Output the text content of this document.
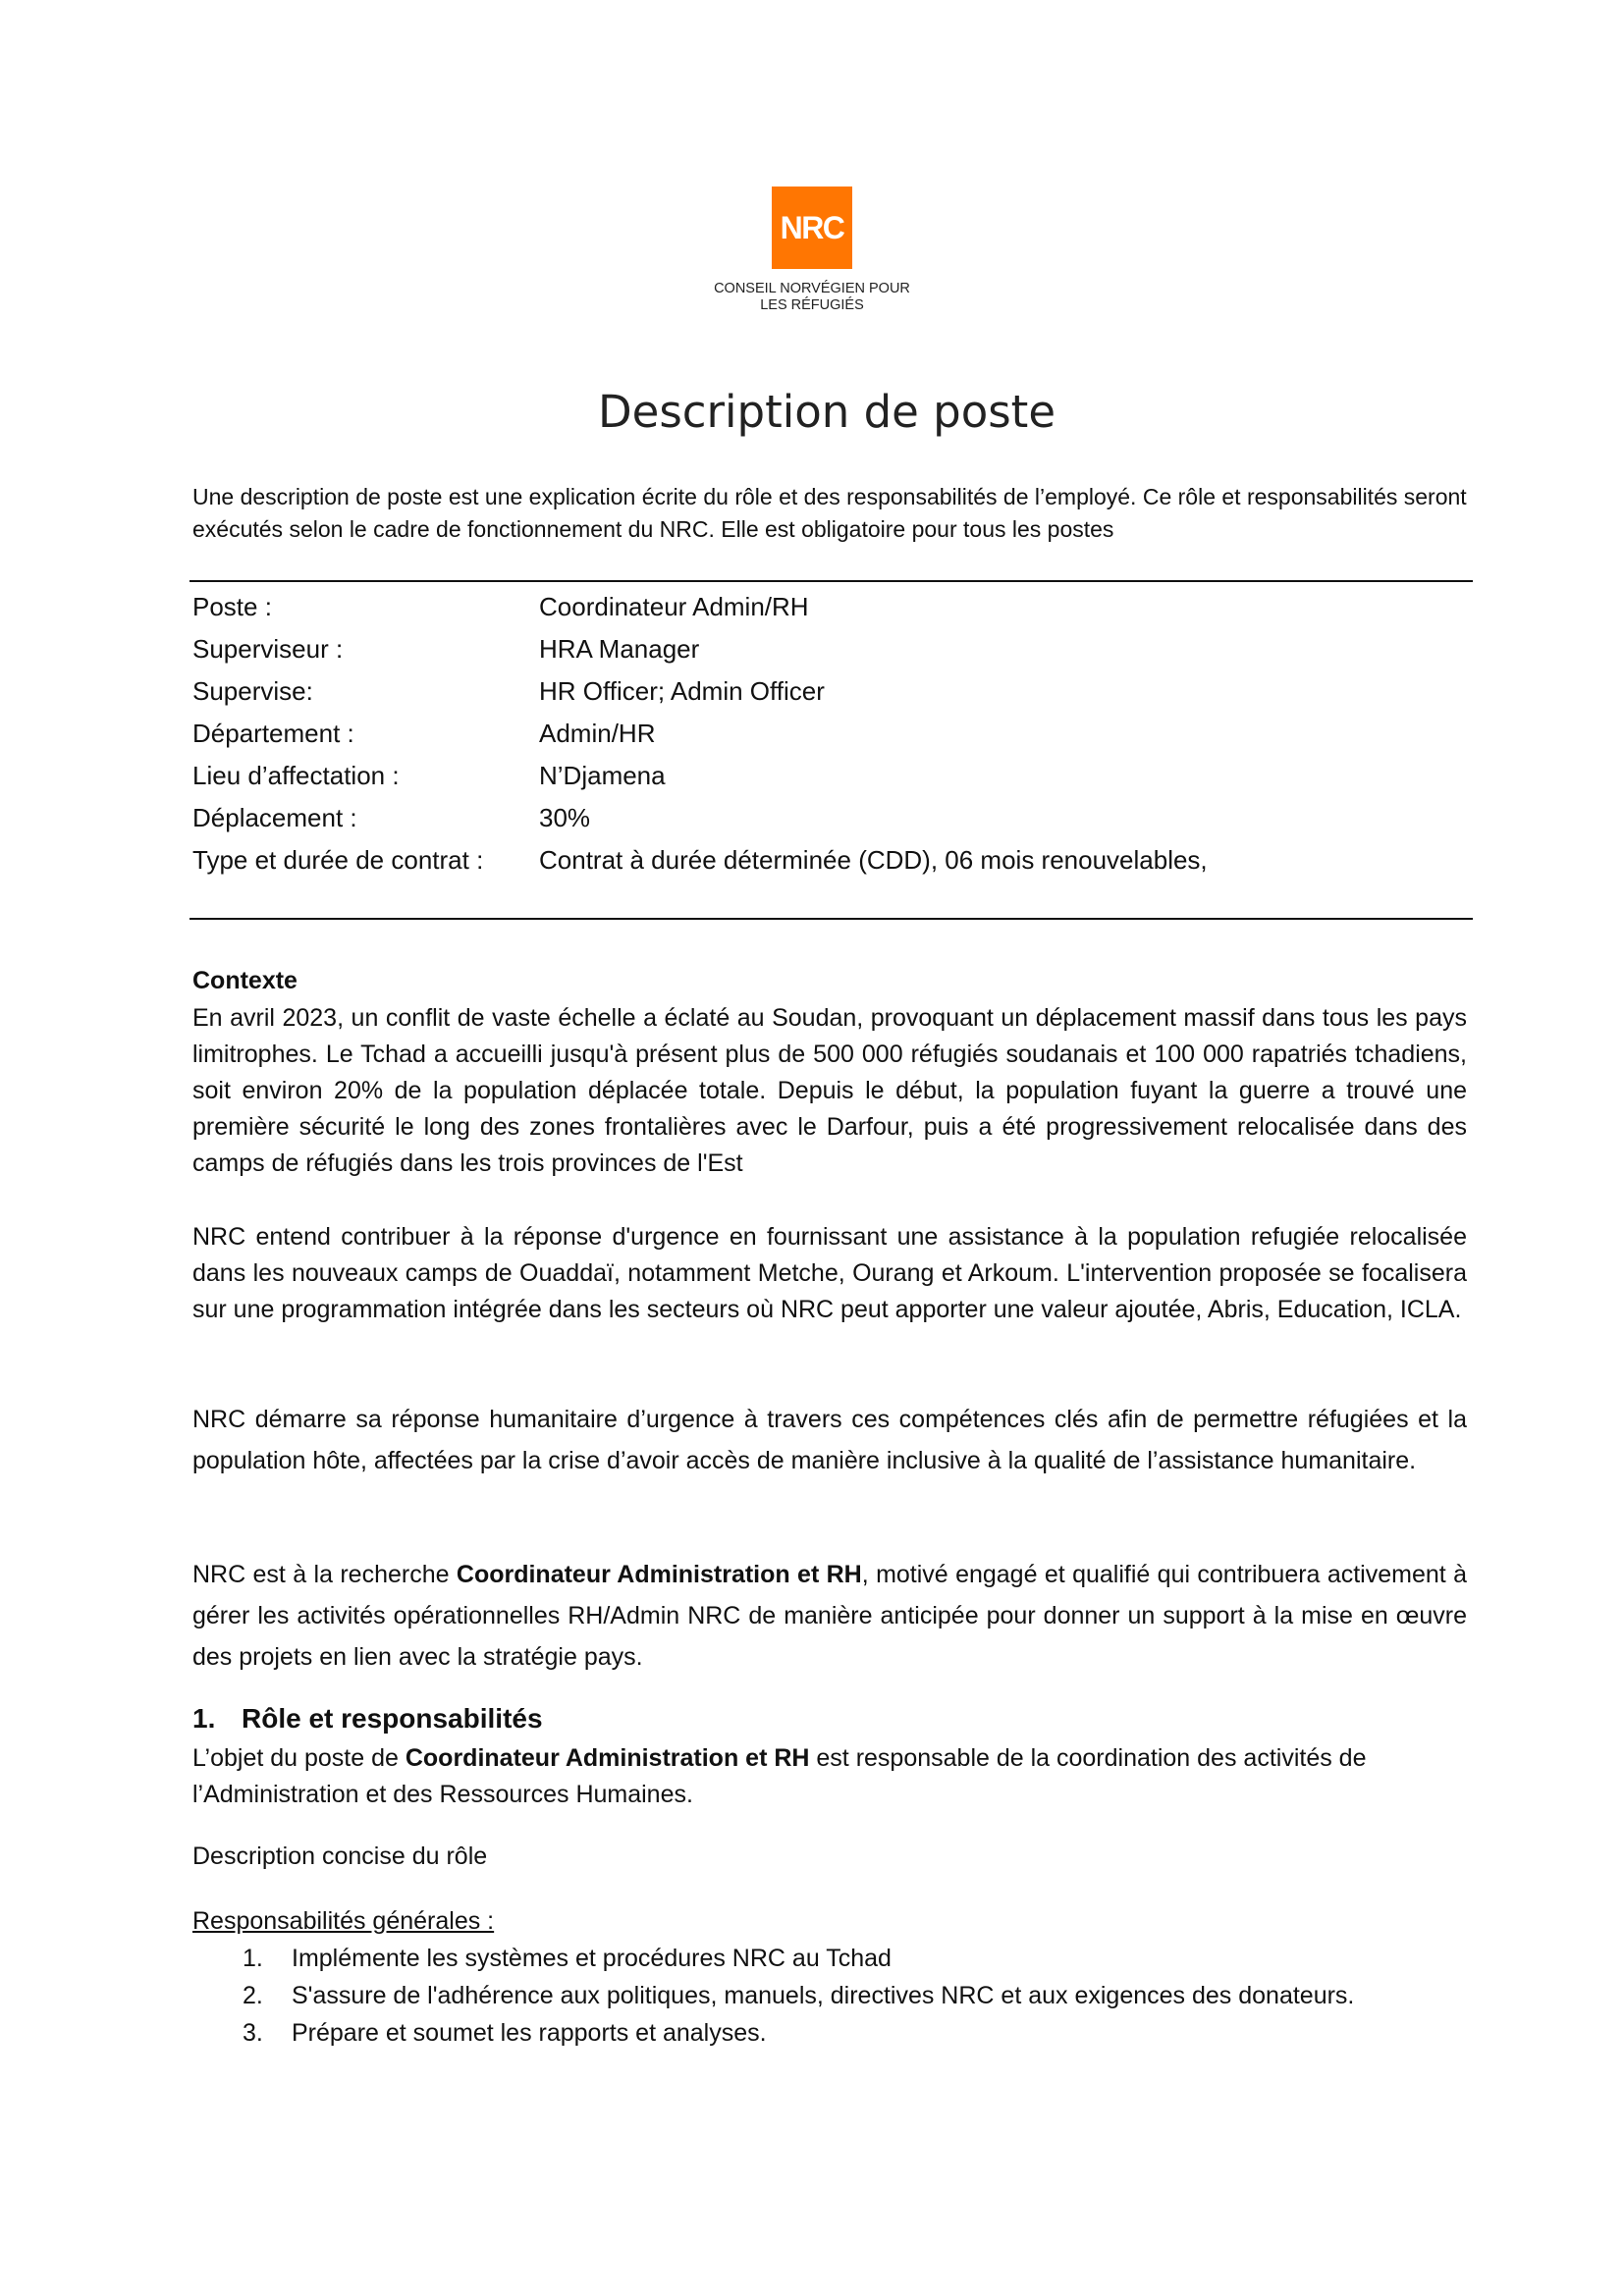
NRC
CONSEIL NORVÉGIEN POUR
LES RÉFUGIÉS
Description de poste
Une description de poste est une explication écrite du rôle et des responsabilités de l’employé. Ce rôle et responsabilités seront exécutés selon le cadre de fonctionnement du NRC. Elle est obligatoire pour tous les postes
Poste :	Coordinateur Admin/RH
Superviseur :	HRA Manager
Supervise:	HR Officer; Admin Officer
Département :	Admin/HR
Lieu d’affectation :	N’Djamena
Déplacement :	30%
Type et durée de contrat :	Contrat à durée déterminée (CDD), 06 mois renouvelables,
Contexte
En avril 2023, un conflit de vaste échelle a éclaté au Soudan, provoquant un déplacement massif dans tous les pays limitrophes. Le Tchad a accueilli jusqu'à présent plus de 500 000 réfugiés soudanais et 100 000 rapatriés tchadiens, soit environ 20% de la population déplacée totale. Depuis le début, la population fuyant la guerre a trouvé une première sécurité le long des zones frontalières avec le Darfour, puis a été progressivement relocalisée dans des camps de réfugiés dans les trois provinces de l'Est
NRC entend contribuer à la réponse d'urgence en fournissant une assistance à la population refugiée relocalisée dans les nouveaux camps de Ouaddaï, notamment Metche, Ourang et Arkoum. L'intervention proposée se focalisera sur une programmation intégrée dans les secteurs où NRC peut apporter une valeur ajoutée, Abris, Education, ICLA.
NRC démarre sa réponse humanitaire d’urgence à travers ces compétences clés afin de permettre réfugiées et la population hôte, affectées par la crise d’avoir accès de manière inclusive à la qualité de l’assistance humanitaire.
NRC est à la recherche Coordinateur Administration et RH, motivé engagé et qualifié qui contribuera activement à gérer les activités opérationnelles RH/Admin NRC de manière anticipée pour donner un support à la mise en œuvre des projets en lien avec la stratégie pays.
1. Rôle et responsabilités
L’objet du poste de Coordinateur Administration et RH est responsable de la coordination des activités de l’Administration et des Ressources Humaines.
Description concise du rôle
Responsabilités générales :
1.	Implémente les systèmes et procédures NRC au Tchad
2.	S'assure de l'adhérence aux politiques, manuels, directives NRC et aux exigences des donateurs.
3.	Prépare et soumet les rapports et analyses.
